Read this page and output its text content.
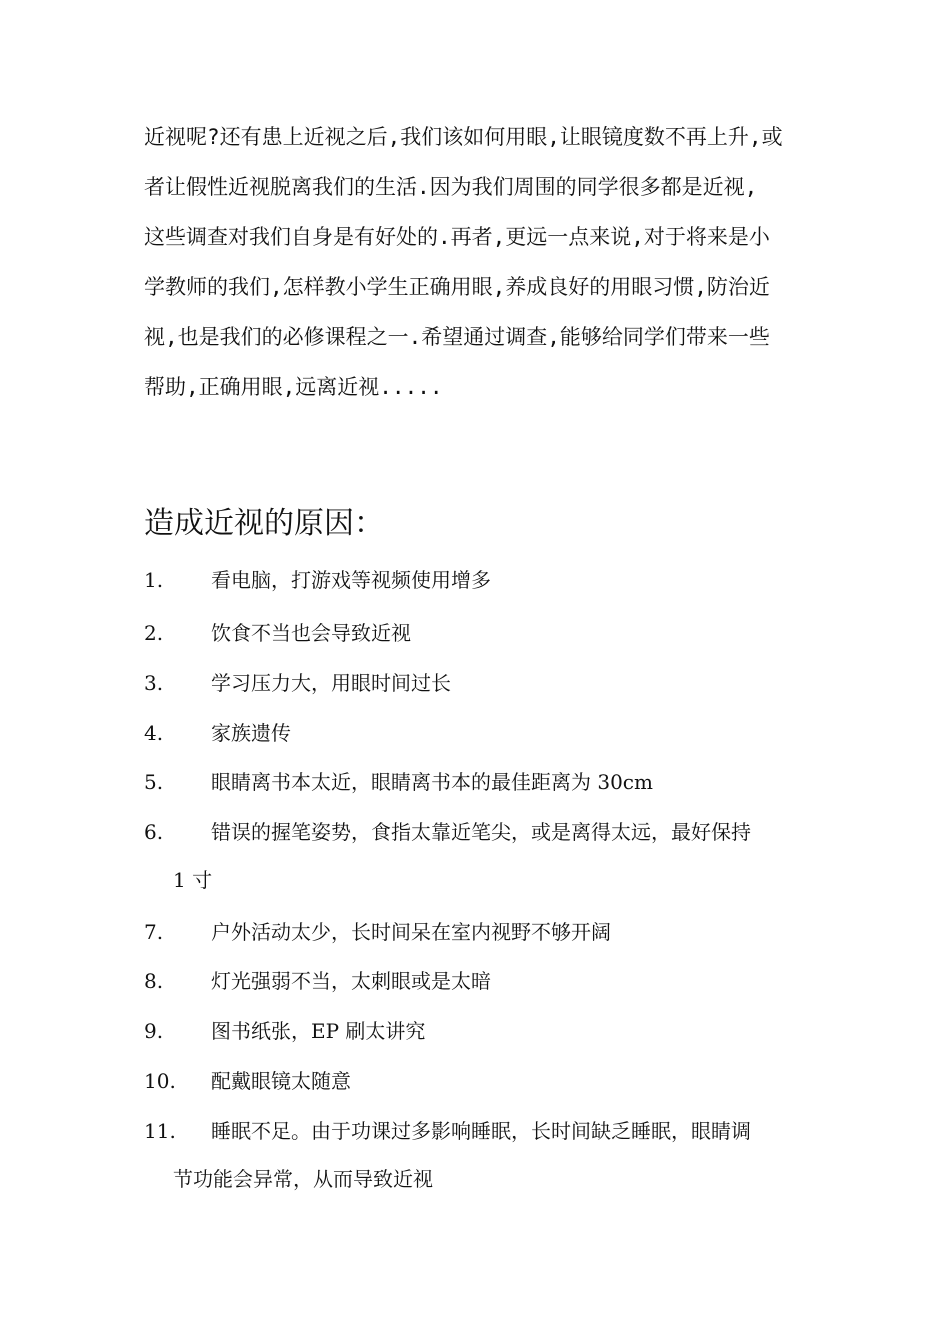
近视呢?还有患上近视之后,我们该如何用眼,让眼镜度数不再上升,或
者让假性近视脱离我们的生活.因为我们周围的同学很多都是近视,
这些调查对我们自身是有好处的.再者,更远一点来说,对于将来是小
学教师的我们,怎样教小学生正确用眼,养成良好的用眼习惯,防治近
视,也是我们的必修课程之一.希望通过调查,能够给同学们带来一些
帮助,正确用眼,远离近视.....
造成近视的原因：
1.	看电脑，打游戏等视频使用增多
2.	饮食不当也会导致近视
3.	学习压力大，用眼时间过长
4.	家族遗传
5.	眼睛离书本太近，眼睛离书本的最佳距离为 30cm
6.	错误的握笔姿势，食指太靠近笔尖，或是离得太远，最好保持
1 寸
7.	户外活动太少，长时间呆在室内视野不够开阔
8.	灯光强弱不当，太刺眼或是太暗
9.	图书纸张，EP 刷太讲究
10.	配戴眼镜太随意
11.	睡眠不足。由于功课过多影响睡眠，长时间缺乏睡眠，眼睛调
节功能会异常，从而导致近视
